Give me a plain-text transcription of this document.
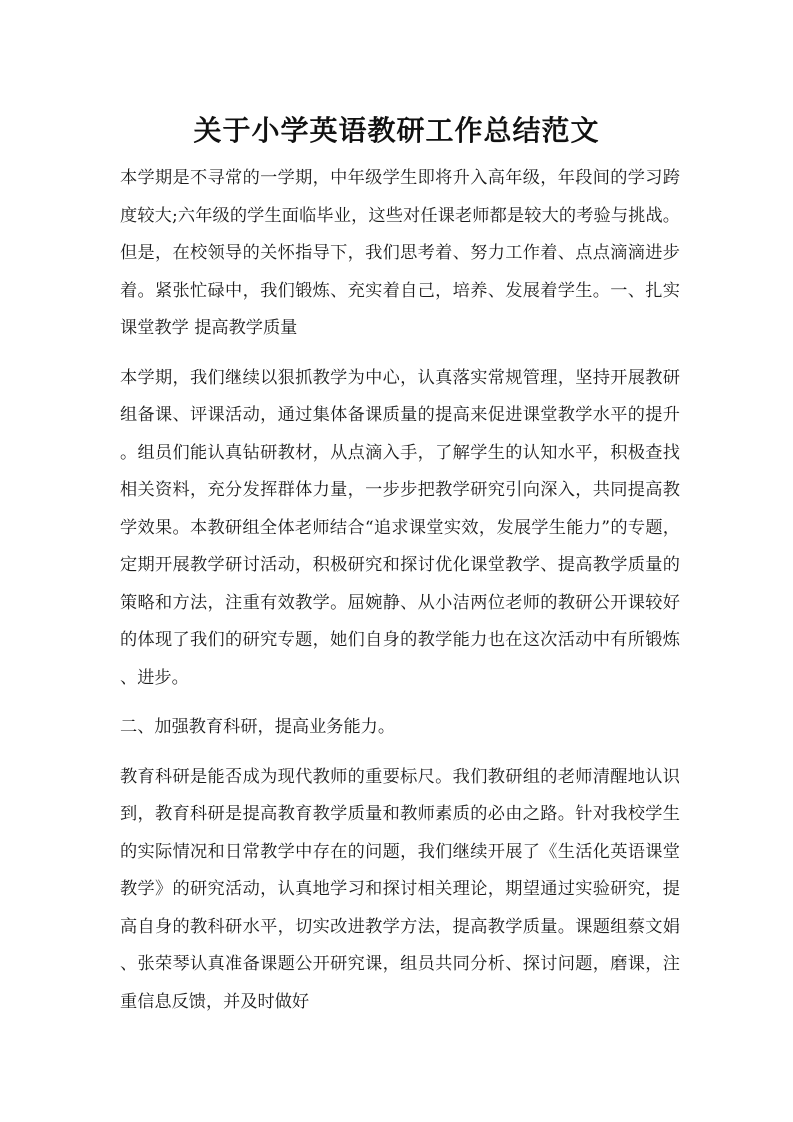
关于小学英语教研工作总结范文

本学期是不寻常的一学期，中年级学生即将升入高年级，年段间的学习跨度较大;六年级的学生面临毕业，这些对任课老师都是较大的考验与挑战。但是，在校领导的关怀指导下，我们思考着、努力工作着、点点滴滴进步着。紧张忙碌中，我们锻炼、充实着自己，培养、发展着学生。一、扎实课堂教学 提高教学质量

本学期，我们继续以狠抓教学为中心，认真落实常规管理，坚持开展教研组备课、评课活动，通过集体备课质量的提高来促进课堂教学水平的提升。组员们能认真钻研教材，从点滴入手，了解学生的认知水平，积极查找相关资料，充分发挥群体力量，一步步把教学研究引向深入，共同提高教学效果。本教研组全体老师结合“追求课堂实效，发展学生能力”的专题，定期开展教学研讨活动，积极研究和探讨优化课堂教学、提高教学质量的策略和方法，注重有效教学。屈婉静、从小洁两位老师的教研公开课较好的体现了我们的研究专题，她们自身的教学能力也在这次活动中有所锻炼、进步。

二、加强教育科研，提高业务能力。

教育科研是能否成为现代教师的重要标尺。我们教研组的老师清醒地认识到，教育科研是提高教育教学质量和教师素质的必由之路。针对我校学生的实际情况和日常教学中存在的问题，我们继续开展了《生活化英语课堂教学》的研究活动，认真地学习和探讨相关理论，期望通过实验研究，提高自身的教科研水平，切实改进教学方法，提高教学质量。课题组蔡文娟、张荣琴认真准备课题公开研究课，组员共同分析、探讨问题，磨课，注重信息反馈，并及时做好
